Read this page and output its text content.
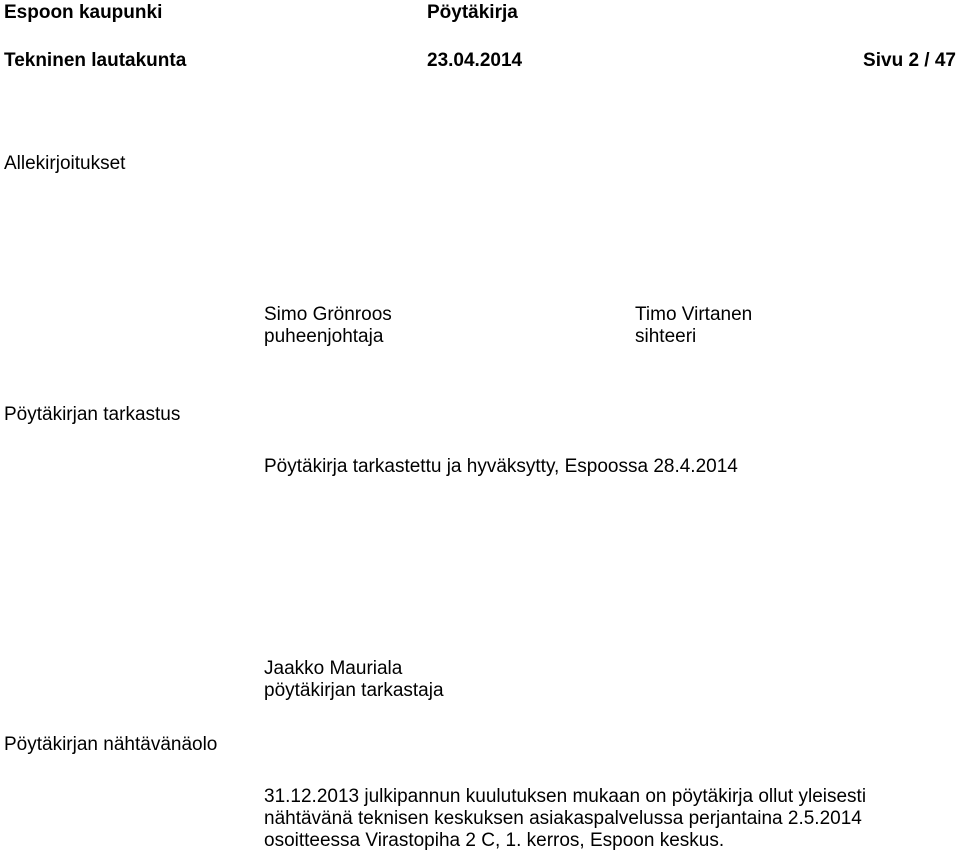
Espoon kaupunki	Pöytäkirja
Tekninen lautakunta	23.04.2014	Sivu 2 / 47
Allekirjoitukset
Simo Grönroos
puheenjohtaja
Timo Virtanen
sihteeri
Pöytäkirjan tarkastus
Pöytäkirja tarkastettu ja hyväksytty, Espoossa 28.4.2014
Jaakko Mauriala
pöytäkirjan tarkastaja
Pöytäkirjan nähtävänäolo
31.12.2013 julkipannun kuulutuksen mukaan on pöytäkirja ollut yleisesti
nähtävänä teknisen keskuksen asiakaspalvelussa perjantaina 2.5.2014
osoitteessa Virastopiha 2 C, 1. kerros, Espoon keskus.
